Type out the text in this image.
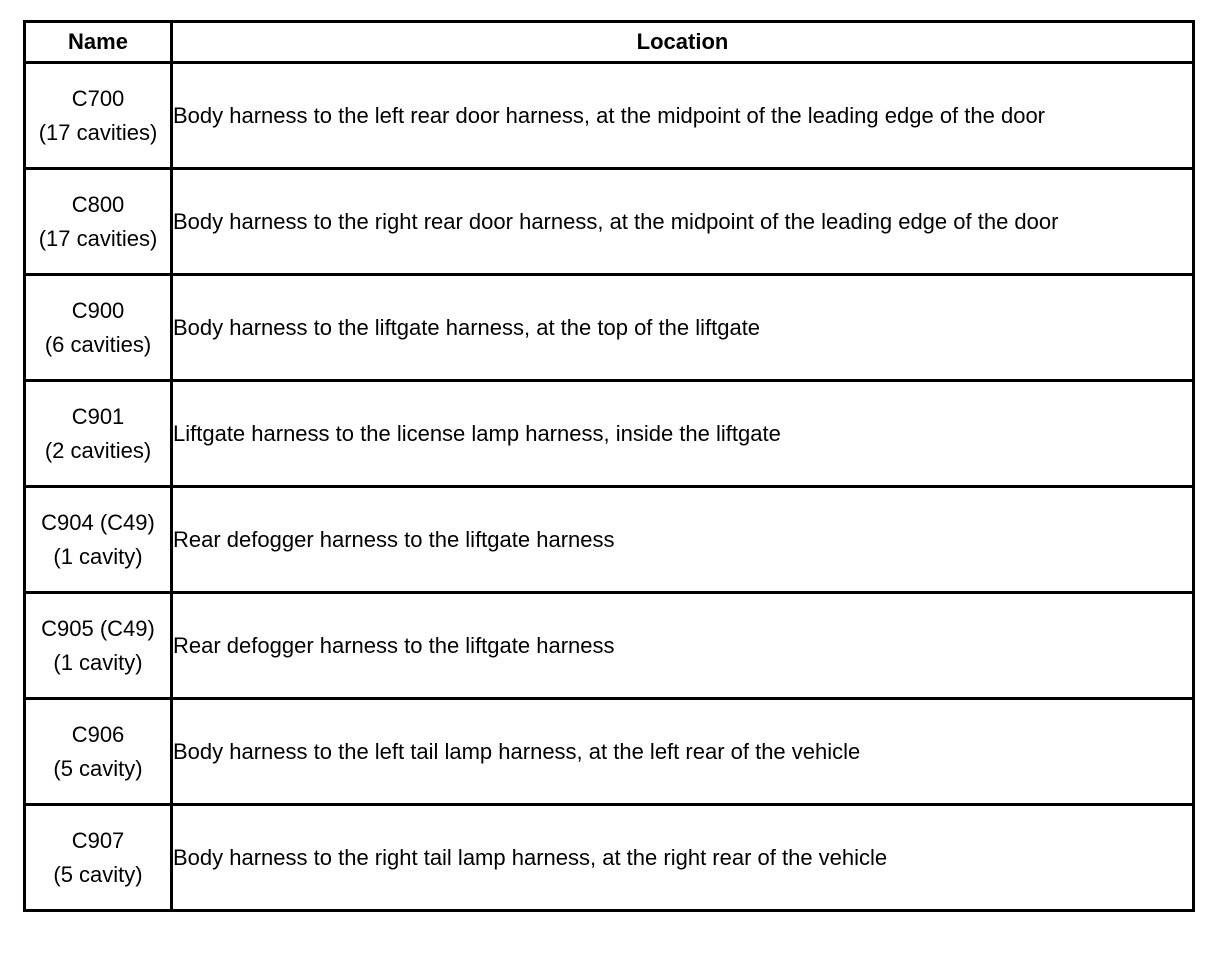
Name	Location

C700
(17 cavities)	Body harness to the left rear door harness, at the midpoint of the leading edge of the door

C800
(17 cavities)	Body harness to the right rear door harness, at the midpoint of the leading edge of the door

C900
(6 cavities)	Body harness to the liftgate harness, at the top of the liftgate

C901
(2 cavities)	Liftgate harness to the license lamp harness, inside the liftgate

C904 (C49)
(1 cavity)	Rear defogger harness to the liftgate harness

C905 (C49)
(1 cavity)	Rear defogger harness to the liftgate harness

C906
(5 cavity)	Body harness to the left tail lamp harness, at the left rear of the vehicle

C907
(5 cavity)	Body harness to the right tail lamp harness, at the right rear of the vehicle
